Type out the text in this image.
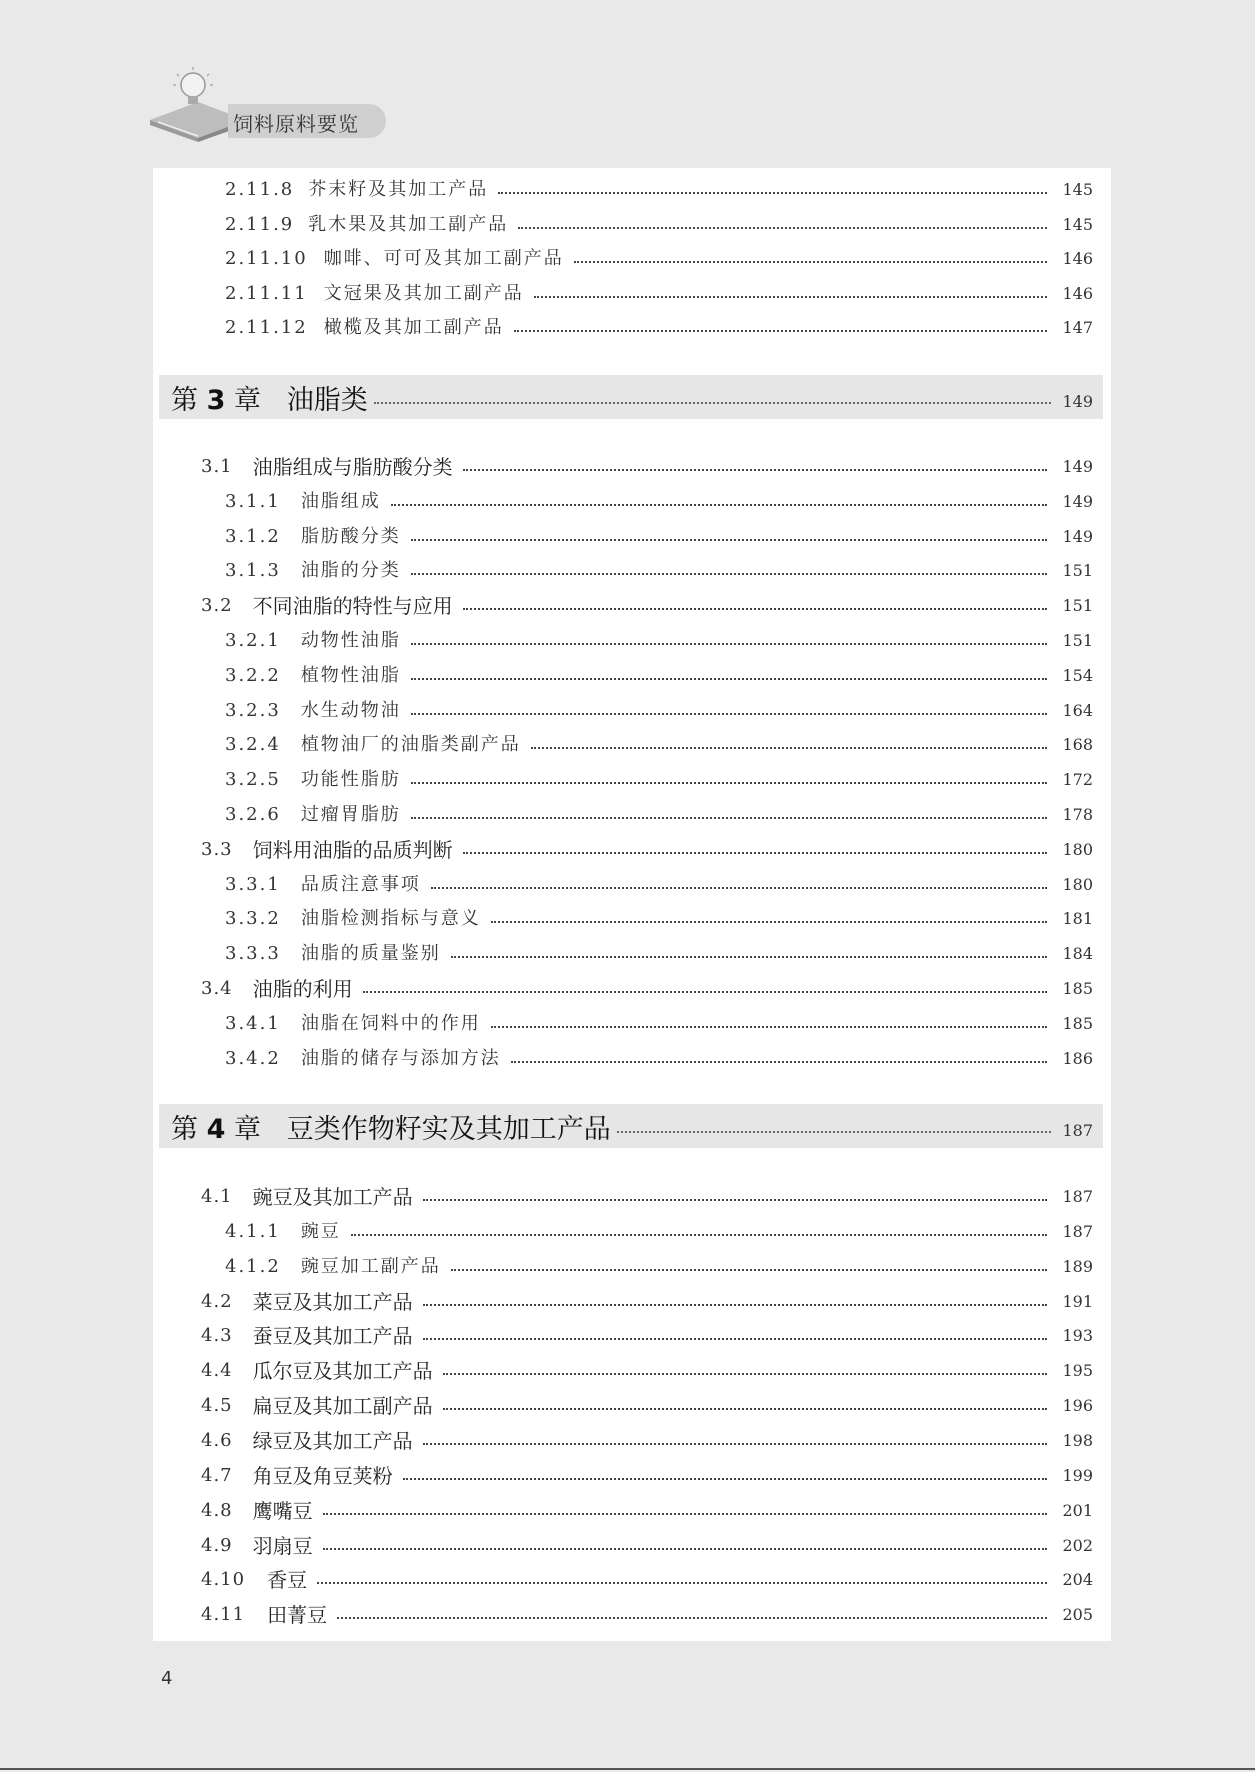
饲料原料要览
2.11.8 芥末籽及其加工产品	145
2.11.9 乳木果及其加工副产品	145
2.11.10 咖啡、可可及其加工副产品	146
2.11.11 文冠果及其加工副产品	146
2.11.12 橄榄及其加工副产品	147
第 3 章 油脂类	149
3.1 油脂组成与脂肪酸分类	149
3.1.1 油脂组成	149
3.1.2 脂肪酸分类	149
3.1.3 油脂的分类	151
3.2 不同油脂的特性与应用	151
3.2.1 动物性油脂	151
3.2.2 植物性油脂	154
3.2.3 水生动物油	164
3.2.4 植物油厂的油脂类副产品	168
3.2.5 功能性脂肪	172
3.2.6 过瘤胃脂肪	178
3.3 饲料用油脂的品质判断	180
3.3.1 品质注意事项	180
3.3.2 油脂检测指标与意义	181
3.3.3 油脂的质量鉴别	184
3.4 油脂的利用	185
3.4.1 油脂在饲料中的作用	185
3.4.2 油脂的储存与添加方法	186
第 4 章 豆类作物籽实及其加工产品	187
4.1 豌豆及其加工产品	187
4.1.1 豌豆	187
4.1.2 豌豆加工副产品	189
4.2 菜豆及其加工产品	191
4.3 蚕豆及其加工产品	193
4.4 瓜尔豆及其加工产品	195
4.5 扁豆及其加工副产品	196
4.6 绿豆及其加工产品	198
4.7 角豆及角豆荚粉	199
4.8 鹰嘴豆	201
4.9 羽扇豆	202
4.10 香豆	204
4.11 田菁豆	205
4
